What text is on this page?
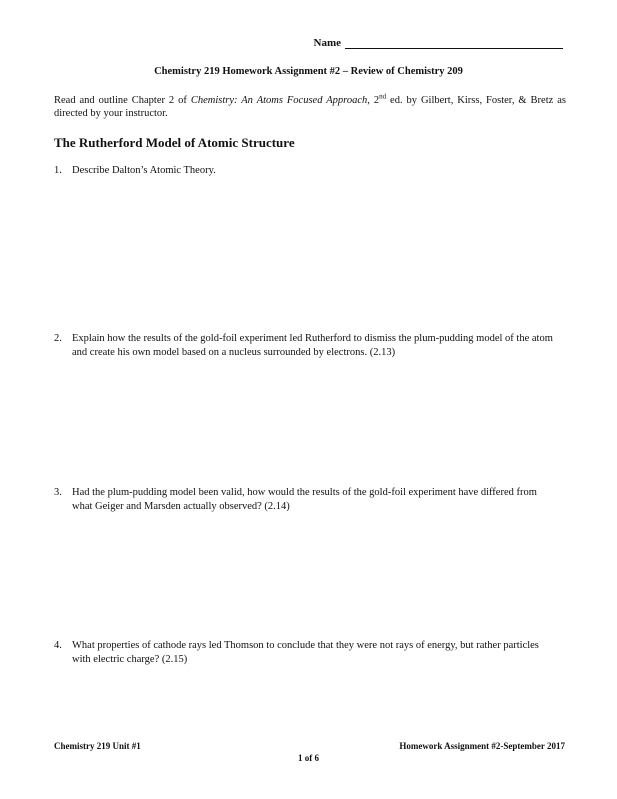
Name
Chemistry 219 Homework Assignment #2 – Review of Chemistry 209
Read and outline Chapter 2 of Chemistry: An Atoms Focused Approach, 2nd ed. by Gilbert, Kirss, Foster, & Bretz as directed by your instructor.
The Rutherford Model of Atomic Structure
1. Describe Dalton’s Atomic Theory.
2. Explain how the results of the gold-foil experiment led Rutherford to dismiss the plum-pudding model of the atom and create his own model based on a nucleus surrounded by electrons. (2.13)
3. Had the plum-pudding model been valid, how would the results of the gold-foil experiment have differed from what Geiger and Marsden actually observed? (2.14)
4. What properties of cathode rays led Thomson to conclude that they were not rays of energy, but rather particles with electric charge? (2.15)
Chemistry 219 Unit #1	Homework Assignment #2-September 2017
1 of 6
